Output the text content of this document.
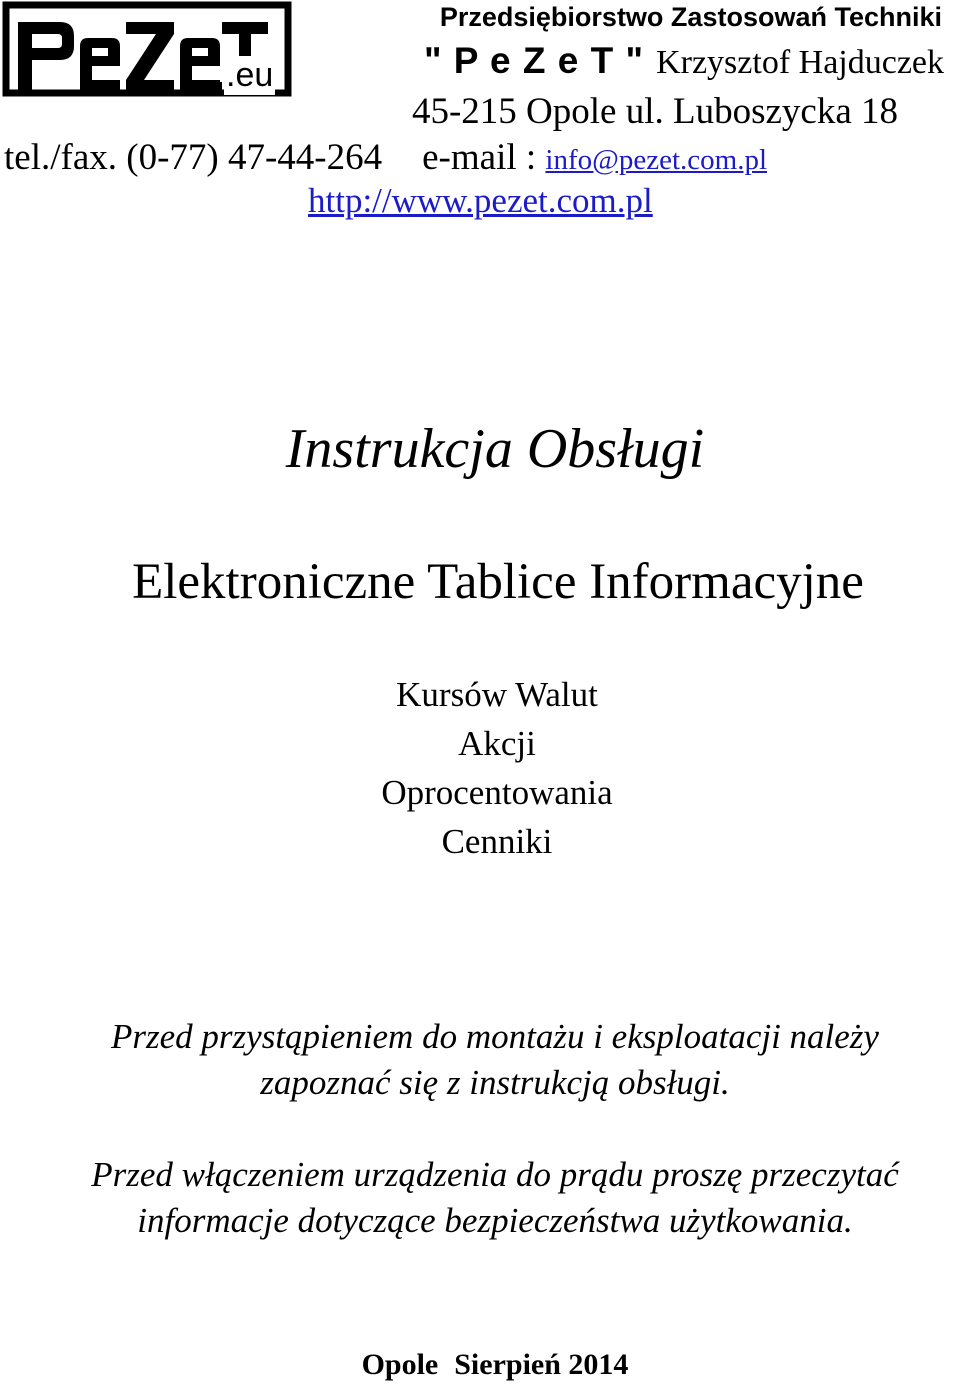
.eu
Przedsiębiorstwo Zastosowań Techniki
" P e Z e T " Krzysztof Hajduczek
45-215 Opole ul. Luboszycka 18
tel./fax. (0-77) 47-44-264 e-mail : info@pezet.com.pl
http://www.pezet.com.pl
Instrukcja Obsługi
Elektroniczne Tablice Informacyjne
Kursów Walut
Akcji
Oprocentowania
Cenniki
Przed przystąpieniem do montażu i eksploatacji należy
zapoznać się z instrukcją obsługi.
Przed włączeniem urządzenia do prądu proszę przeczytać
informacje dotyczące bezpieczeństwa użytkowania.
Opole Sierpień 2014
